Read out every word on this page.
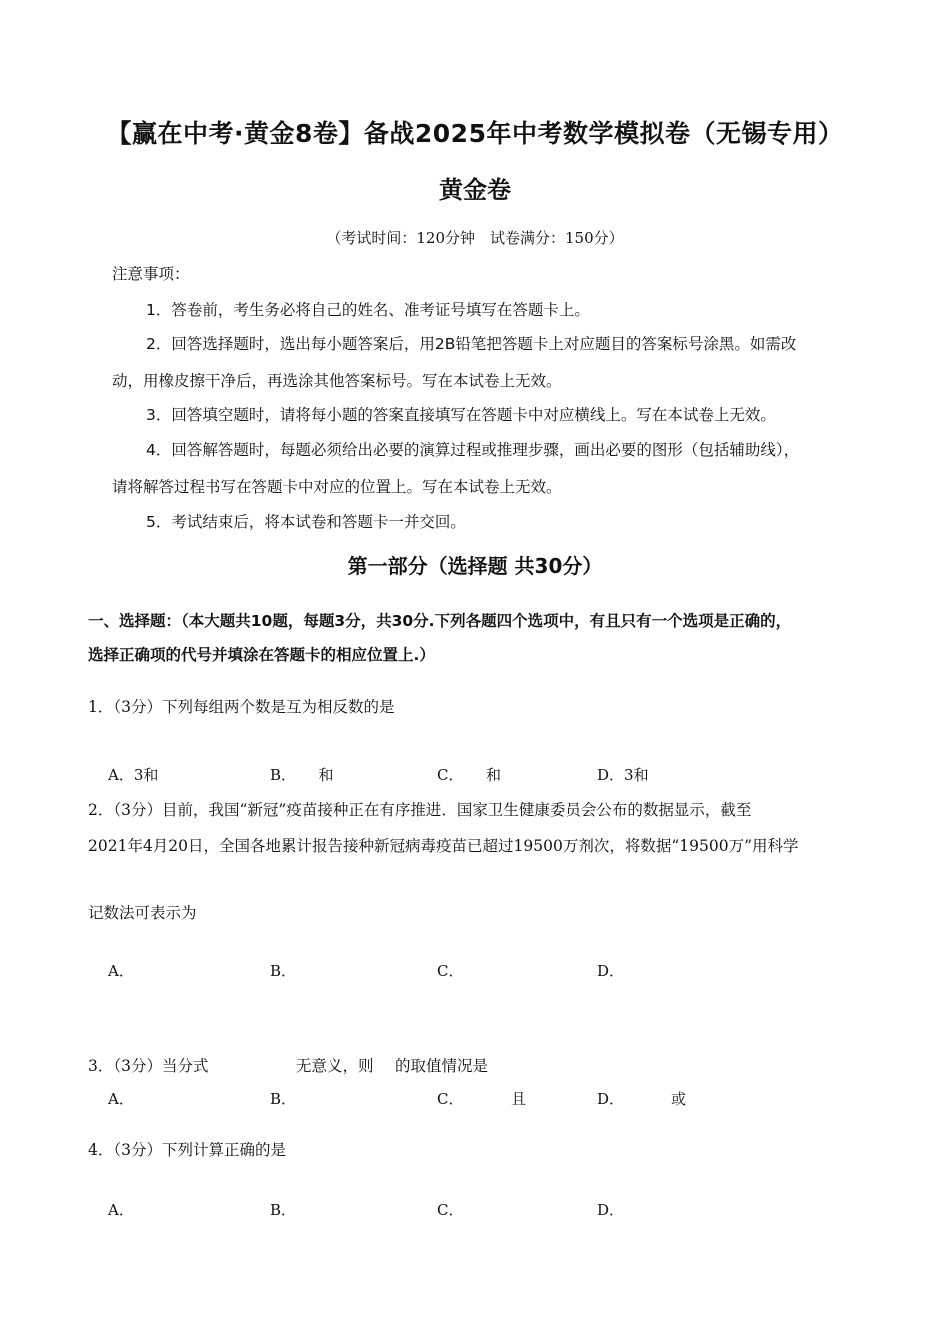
【赢在中考·黄金8卷】备战2025年中考数学模拟卷（无锡专用）
黄金卷
（考试时间：120分钟　试卷满分：150分）
注意事项：
1．答卷前，考生务必将自己的姓名、准考证号填写在答题卡上。
2．回答选择题时，选出每小题答案后，用2B铅笔把答题卡上对应题目的答案标号涂黑。如需改
动，用橡皮擦干净后，再选涂其他答案标号。写在本试卷上无效。
3．回答填空题时，请将每小题的答案直接填写在答题卡中对应横线上。写在本试卷上无效。
4．回答解答题时，每题必须给出必要的演算过程或推理步骤，画出必要的图形（包括辅助线），
请将解答过程书写在答题卡中对应的位置上。写在本试卷上无效。
5．考试结束后，将本试卷和答题卡一并交回。
第一部分（选择题 共30分）
一、选择题：（本大题共10题，每题3分，共30分.下列各题四个选项中，有且只有一个选项是正确的，
选择正确项的代号并填涂在答题卡的相应位置上.）
1．（3分）下列每组两个数是互为相反数的是
A．3和	B．　　和	C．　　和	D．3和
2．（3分）目前，我国“新冠”疫苗接种正在有序推进．国家卫生健康委员会公布的数据显示，截至
2021年4月20日，全国各地累计报告接种新冠病毒疫苗已超过19500万剂次，将数据“19500万”用科学
记数法可表示为
A．	B．	C．	D．
3．（3分）当分式	无意义，则 的取值情况是
A．	B．	C．	且	D．	或
4．（3分）下列计算正确的是
A．	B．	C．	D．
